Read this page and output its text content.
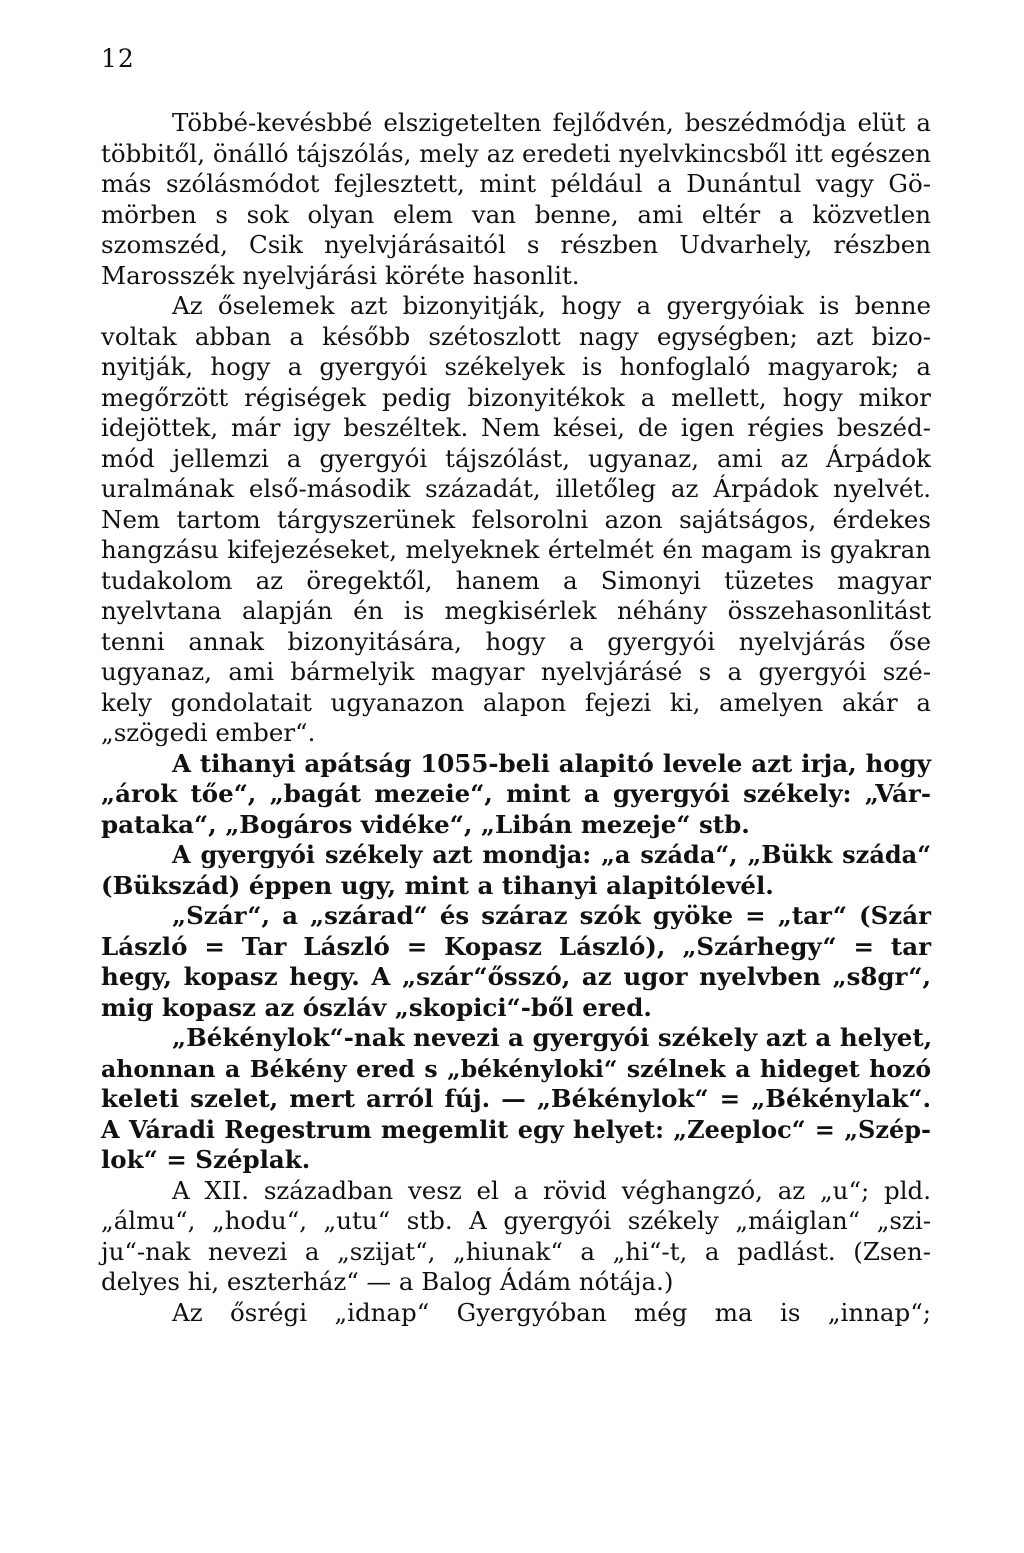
12
Többé-kevésbbé elszigetelten fejlődvén, beszédmódja elüt a
többitől, önálló tájszólás, mely az eredeti nyelvkincsből itt egészen
más szólásmódot fejlesztett, mint például a Dunántul vagy Gö-
mörben s sok olyan elem van benne, ami eltér a közvetlen
szomszéd, Csik nyelvjárásaitól s részben Udvarhely, részben
Marosszék nyelvjárási köréte hasonlit.
Az őselemek azt bizonyitják, hogy a gyergyóiak is benne
voltak abban a később szétoszlott nagy egységben; azt bizo-
nyitják, hogy a gyergyói székelyek is honfoglaló magyarok; a
megőrzött régiségek pedig bizonyitékok a mellett, hogy mikor
idejöttek, már igy beszéltek. Nem kései, de igen régies beszéd-
mód jellemzi a gyergyói tájszólást, ugyanaz, ami az Árpádok
uralmának első-második századát, illetőleg az Árpádok nyelvét.
Nem tartom tárgyszerünek felsorolni azon sajátságos, érdekes
hangzásu kifejezéseket, melyeknek értelmét én magam is gyakran
tudakolom az öregektől, hanem a Simonyi tüzetes magyar
nyelvtana alapján én is megkisérlek néhány összehasonlitást
tenni annak bizonyitására, hogy a gyergyói nyelvjárás őse
ugyanaz, ami bármelyik magyar nyelvjárásé s a gyergyói szé-
kely gondolatait ugyanazon alapon fejezi ki, amelyen akár a
„szögedi ember“.
A tihanyi apátság 1055-beli alapitó levele azt irja, hogy
„árok tőe“, „bagát mezeie“, mint a gyergyói székely: „Vár-
pataka“, „Bogáros vidéke“, „Libán mezeje“ stb.
A gyergyói székely azt mondja: „a száda“, „Bükk száda“
(Bükszád) éppen ugy, mint a tihanyi alapitólevél.
„Szár“, a „szárad“ és száraz szók gyöke = „tar“ (Szár
László = Tar László = Kopasz László), „Szárhegy“ = tar
hegy, kopasz hegy. A „szár“ősszó, az ugor nyelvben „s8gr“,
mig kopasz az ószláv „skopici“-ből ered.
„Békénylok“-nak nevezi a gyergyói székely azt a helyet,
ahonnan a Békény ered s „békényloki“ szélnek a hideget hozó
keleti szelet, mert arról fúj. — „Békénylok“ = „Békénylak“.
A Váradi Regestrum megemlit egy helyet: „Zeeploc“ = „Szép-
lok“ = Széplak.
A XII. században vesz el a rövid véghangzó, az „u“; pld.
„álmu“, „hodu“, „utu“ stb. A gyergyói székely „máiglan“ „szi-
ju“-nak nevezi a „szijat“, „hiunak“ a „hi“-t, a padlást. (Zsen-
delyes hi, eszterház“ — a Balog Ádám nótája.)
Az ősrégi „idnap“ Gyergyóban még ma is „innap“;
